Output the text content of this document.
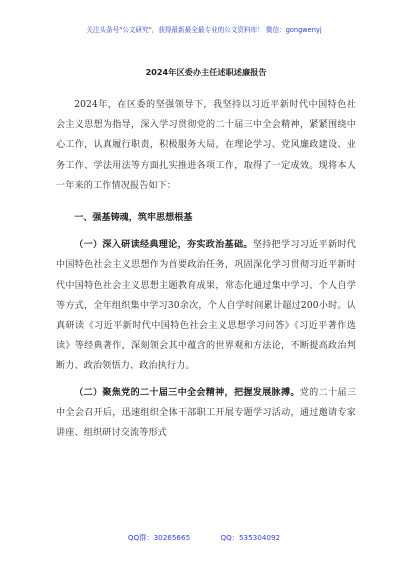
关注头条号"公文研究"，获得最新最全最专业的公文资料库！ 微信：gongwenyj
2024年区委办主任述职述廉报告

2024年，在区委的坚强领导下，我坚持以习近平新时代中国特色社会主义思想为指导，深入学习贯彻党的二十届三中全会精神，紧紧围绕中心工作，认真履行职责，积极服务大局，在理论学习、党风廉政建设、业务工作、学法用法等方面扎实推进各项工作，取得了一定成效。现将本人一年来的工作情况报告如下：

一、强基铸魂，筑牢思想根基

（一）深入研读经典理论，夯实政治基础。坚持把学习习近平新时代中国特色社会主义思想作为首要政治任务，巩固深化学习贯彻习近平新时代中国特色社会主义思想主题教育成果，常态化通过集中学习、个人自学等方式，全年组织集中学习30余次，个人自学时间累计超过200小时。认真研读《习近平新时代中国特色社会主义思想学习问答》《习近平著作选读》等经典著作，深刻领会其中蕴含的世界观和方法论，不断提高政治判断力、政治领悟力、政治执行力。

（二）聚焦党的二十届三中全会精神，把握发展脉搏。党的二十届三中全会召开后，迅速组织全体干部职工开展专题学习活动，通过邀请专家讲座、组织研讨交流等形式

QQ群：30265665	QQ：535304092
